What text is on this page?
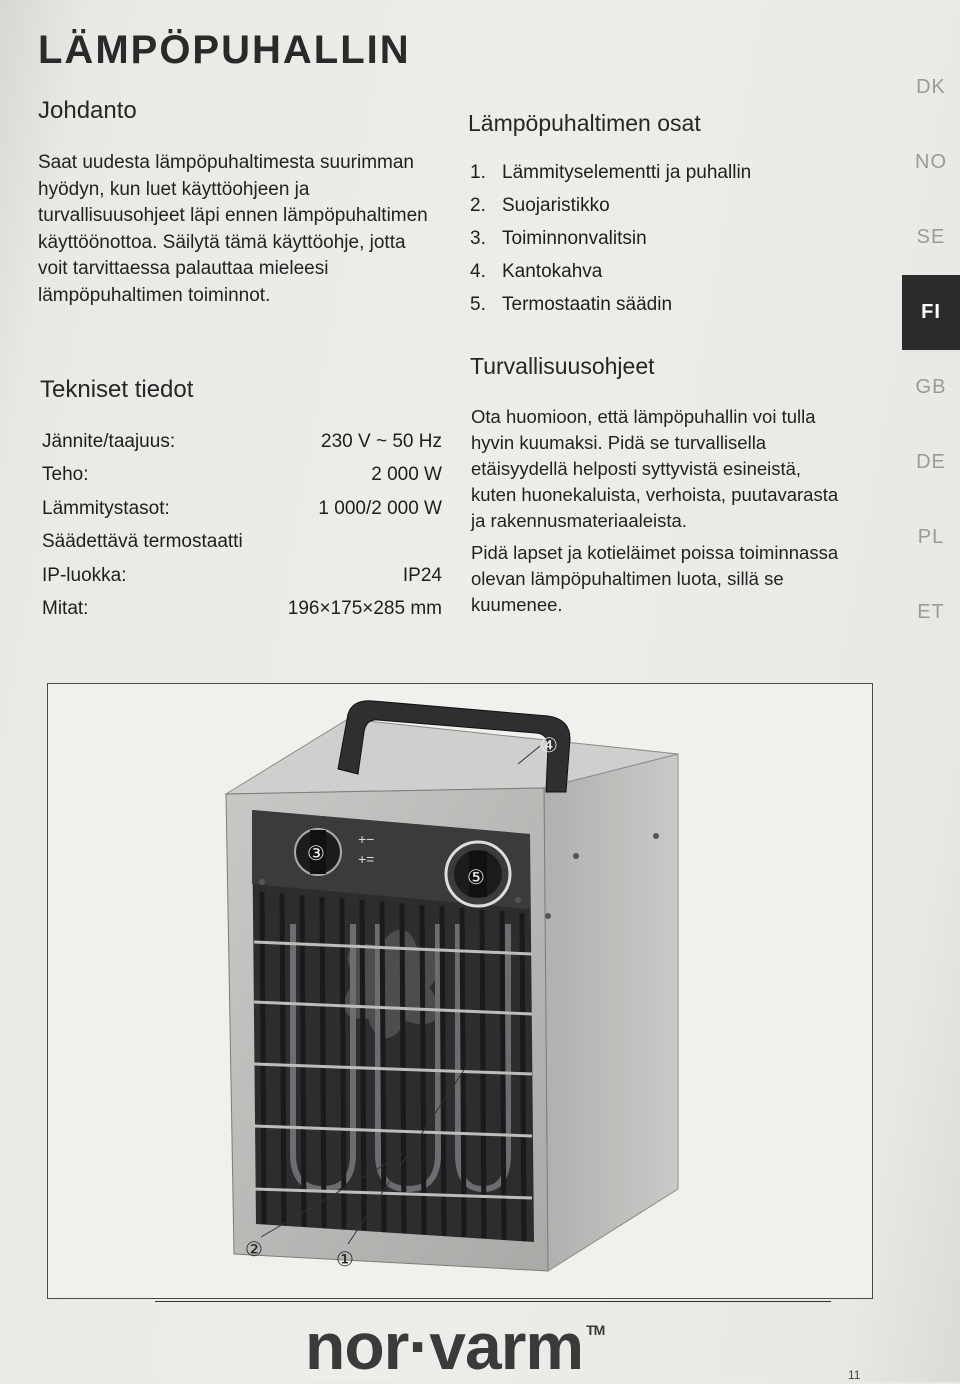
LÄMPÖPUHALLIN
Johdanto

Saat uudesta lämpöpuhaltimesta suurimman hyödyn, kun luet käyttöohjeen ja turvallisuusohjeet läpi ennen lämpöpuhaltimen käyttöönottoa. Säilytä tämä käyttöohje, jotta voit tarvittaessa palauttaa mieleesi lämpöpuhaltimen toiminnot.

Tekniset tiedot
Jännite/taajuus:	230 V ~ 50 Hz
Teho:	2 000 W
Lämmitystasot:	1 000/2 000 W
Säädettävä termostaatti
IP-luokka:	IP24
Mitat:	196×175×285 mm
Lämpöpuhaltimen osat
1. Lämmityselementti ja puhallin
2. Suojaristikko
3. Toiminnonvalitsin
4. Kantokahva
5. Termostaatin säädin
Turvallisuusohjeet

Ota huomioon, että lämpöpuhallin voi tulla hyvin kuumaksi. Pidä se turvallisella etäisyydellä helposti syttyvistä esineistä, kuten huonekaluista, verhoista, puutavarasta ja rakennusmateriaaleista.

Pidä lapset ja kotieläimet poissa toiminnassa olevan lämpöpuhaltimen luota, sillä se kuumenee.

DK
NO
SE
FI
GB
DE
PL
ET
+−
+=
②	①
④
③
⑤
nor·varm ™
11
